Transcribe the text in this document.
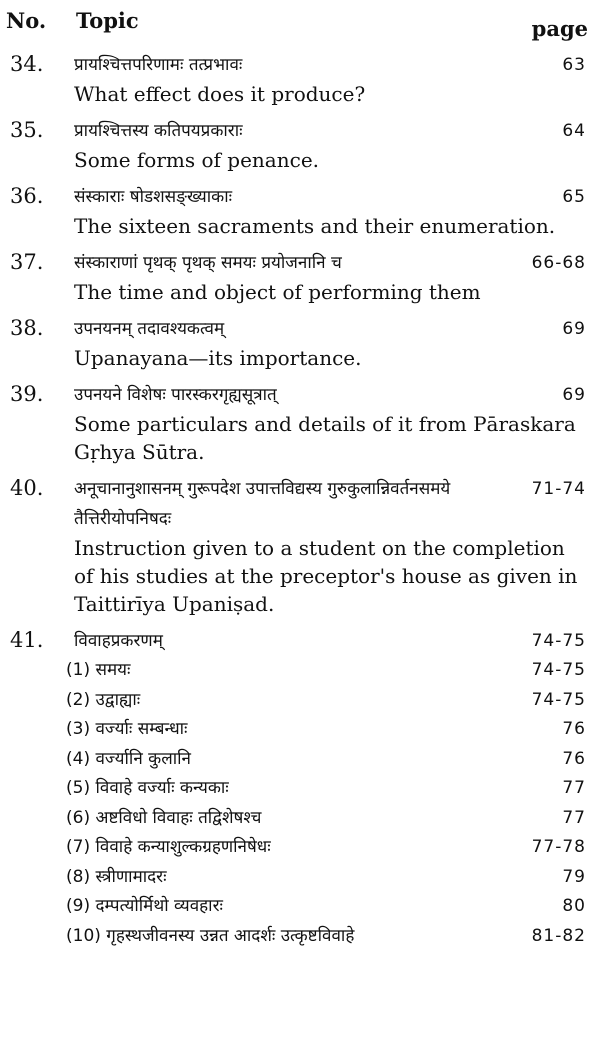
No. Topic	page
34. प्रायश्चित्तपरिणामः तत्प्रभावः	63
What effect does it produce?
35. प्रायश्चित्तस्य कतिपयप्रकाराः	64
Some forms of penance.
36. संस्काराः षोडशसङ्ख्याकाः	65
The sixteen sacraments and their enumeration.
37. संस्काराणां पृथक् पृथक् समयः प्रयोजनानि च	66-68
The time and object of performing them
38. उपनयनम् तदावश्यकत्वम्	69
Upanayana—its importance.
39. उपनयने विशेषः पारस्करगृह्यसूत्रात्	69
Some particulars and details of it from Pāraskara Gṛhya Sūtra.
40. अनूचानानुशासनम् गुरूपदेश उपात्तविद्यस्य गुरुकुलान्निवर्तनसमये	71-74
तैत्तिरीयोपनिषदः
Instruction given to a student on the completion of his studies at the preceptor's house as given in Taittirīya Upaniṣad.
41. विवाहप्रकरणम्	74-75
(1) समयः	74-75
(2) उद्वाह्याः	74-75
(3) वर्ज्याः सम्बन्धाः	76
(4) वर्ज्यानि कुलानि	76
(5) विवाहे वर्ज्याः कन्यकाः	77
(6) अष्टविधो विवाहः तद्विशेषश्च	77
(7) विवाहे कन्याशुल्कग्रहणनिषेधः	77-78
(8) स्त्रीणामादरः	79
(9) दम्पत्योर्मिथो व्यवहारः	80
(10) गृहस्थजीवनस्य उन्नत आदर्शः उत्कृष्टविवाहे	81-82
